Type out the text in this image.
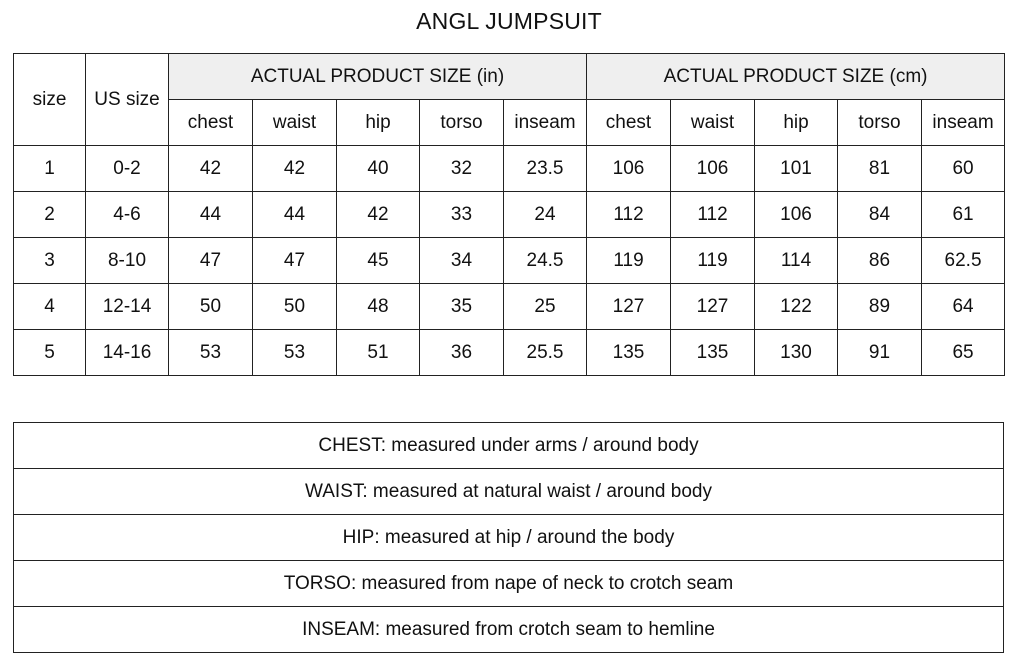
ANGL JUMPSUIT
size	US size	ACTUAL PRODUCT SIZE (in)					ACTUAL PRODUCT SIZE (cm)				
		chest	waist	hip	torso	inseam	chest	waist	hip	torso	inseam
1	0-2	42	42	40	32	23.5	106	106	101	81	60
2	4-6	44	44	42	33	24	112	112	106	84	61
3	8-10	47	47	45	34	24.5	119	119	114	86	62.5
4	12-14	50	50	48	35	25	127	127	122	89	64
5	14-16	53	53	51	36	25.5	135	135	130	91	65
CHEST: measured under arms / around body
WAIST: measured at natural waist / around body
HIP: measured at hip / around the body
TORSO: measured from nape of neck to crotch seam
INSEAM: measured from crotch seam to hemline
